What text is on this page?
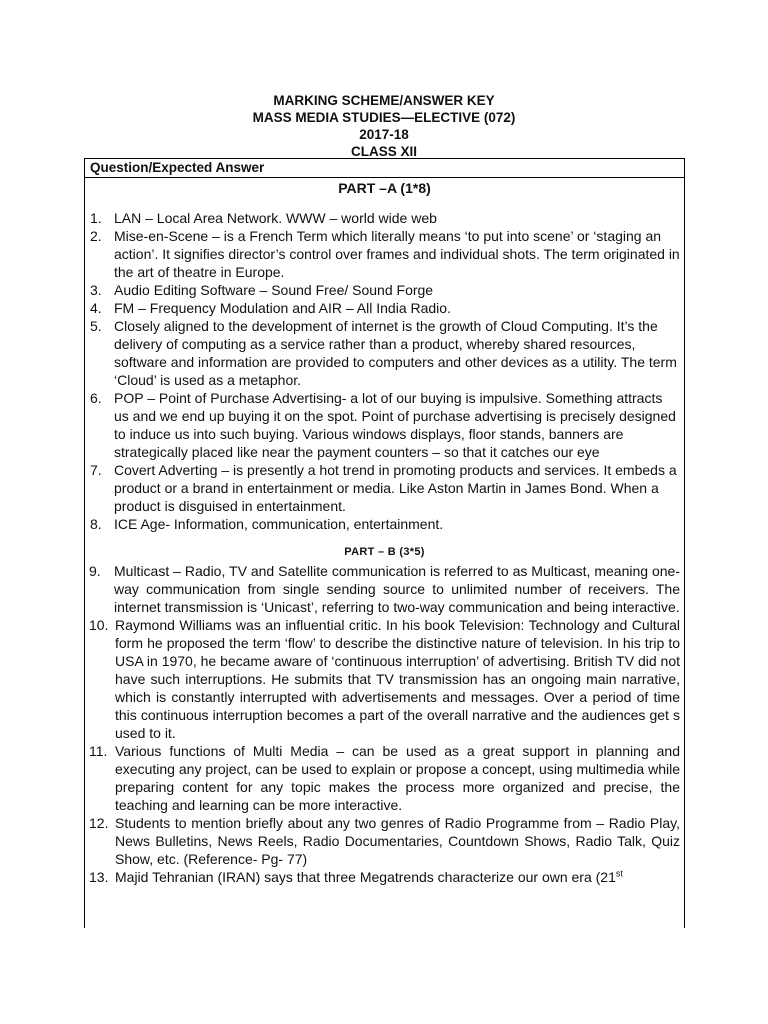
MARKING SCHEME/ANSWER KEY
MASS MEDIA STUDIES—ELECTIVE (072)
2017-18
CLASS XII
Question/Expected Answer
PART –A (1*8)
1. LAN – Local Area Network. WWW – world wide web
2. Mise-en-Scene – is a French Term which literally means ‘to put into scene’ or ‘staging an action’. It signifies director’s control over frames and individual shots. The term originated in the art of theatre in Europe.
3. Audio Editing Software – Sound Free/ Sound Forge
4. FM – Frequency Modulation and AIR – All India Radio.
5. Closely aligned to the development of internet is the growth of Cloud Computing. It’s the delivery of computing as a service rather than a product, whereby shared resources, software and information are provided to computers and other devices as a utility. The term ‘Cloud’ is used as a metaphor.
6. POP – Point of Purchase Advertising- a lot of our buying is impulsive. Something attracts us and we end up buying it on the spot. Point of purchase advertising is precisely designed to induce us into such buying. Various windows displays, floor stands, banners are strategically placed like near the payment counters – so that it catches our eye
7. Covert Adverting – is presently a hot trend in promoting products and services. It embeds a product or a brand in entertainment or media. Like Aston Martin in James Bond. When a product is disguised in entertainment.
8. ICE Age- Information, communication, entertainment.
PART – B (3*5)
9. Multicast – Radio, TV and Satellite communication is referred to as Multicast, meaning one-way communication from single sending source to unlimited number of receivers. The internet transmission is ‘Unicast’, referring to two-way communication and being interactive.
10. Raymond Williams was an influential critic. In his book Television: Technology and Cultural form he proposed the term ‘flow’ to describe the distinctive nature of television. In his trip to USA in 1970, he became aware of ‘continuous interruption’ of advertising. British TV did not have such interruptions. He submits that TV transmission has an ongoing main narrative, which is constantly interrupted with advertisements and messages. Over a period of time this continuous interruption becomes a part of the overall narrative and the audiences get s used to it.
11. Various functions of Multi Media – can be used as a great support in planning and executing any project, can be used to explain or propose a concept, using multimedia while preparing content for any topic makes the process more organized and precise, the teaching and learning can be more interactive.
12. Students to mention briefly about any two genres of Radio Programme from – Radio Play, News Bulletins, News Reels, Radio Documentaries, Countdown Shows, Radio Talk, Quiz Show, etc. (Reference- Pg- 77)
13. Majid Tehranian (IRAN) says that three Megatrends characterize our own era (21st
